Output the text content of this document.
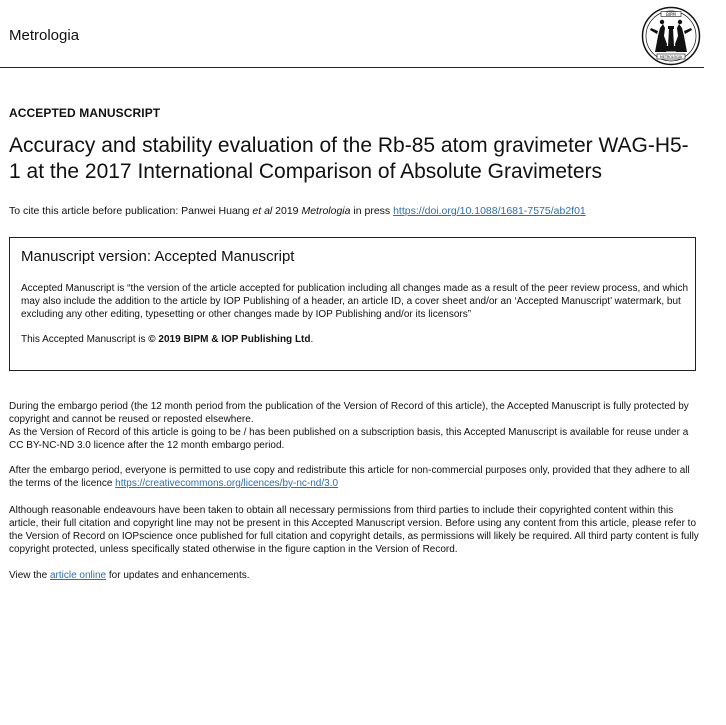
Metrologia
BIPM
METROLOGIA
ACCEPTED MANUSCRIPT
Accuracy and stability evaluation of the Rb-85 atom gravimeter WAG-H5-1 at the 2017 International Comparison of Absolute Gravimeters
To cite this article before publication: Panwei Huang et al 2019 Metrologia in press https://doi.org/10.1088/1681-7575/ab2f01
Manuscript version: Accepted Manuscript
Accepted Manuscript is “the version of the article accepted for publication including all changes made as a result of the peer review process, and which may also include the addition to the article by IOP Publishing of a header, an article ID, a cover sheet and/or an ‘Accepted Manuscript’ watermark, but excluding any other editing, typesetting or other changes made by IOP Publishing and/or its licensors”
This Accepted Manuscript is © 2019 BIPM & IOP Publishing Ltd.
During the embargo period (the 12 month period from the publication of the Version of Record of this article), the Accepted Manuscript is fully protected by copyright and cannot be reused or reposted elsewhere.
As the Version of Record of this article is going to be / has been published on a subscription basis, this Accepted Manuscript is available for reuse under a CC BY-NC-ND 3.0 licence after the 12 month embargo period.
After the embargo period, everyone is permitted to use copy and redistribute this article for non-commercial purposes only, provided that they adhere to all the terms of the licence https://creativecommons.org/licences/by-nc-nd/3.0
Although reasonable endeavours have been taken to obtain all necessary permissions from third parties to include their copyrighted content within this article, their full citation and copyright line may not be present in this Accepted Manuscript version. Before using any content from this article, please refer to the Version of Record on IOPscience once published for full citation and copyright details, as permissions will likely be required. All third party content is fully copyright protected, unless specifically stated otherwise in the figure caption in the Version of Record.
View the article online for updates and enhancements.
